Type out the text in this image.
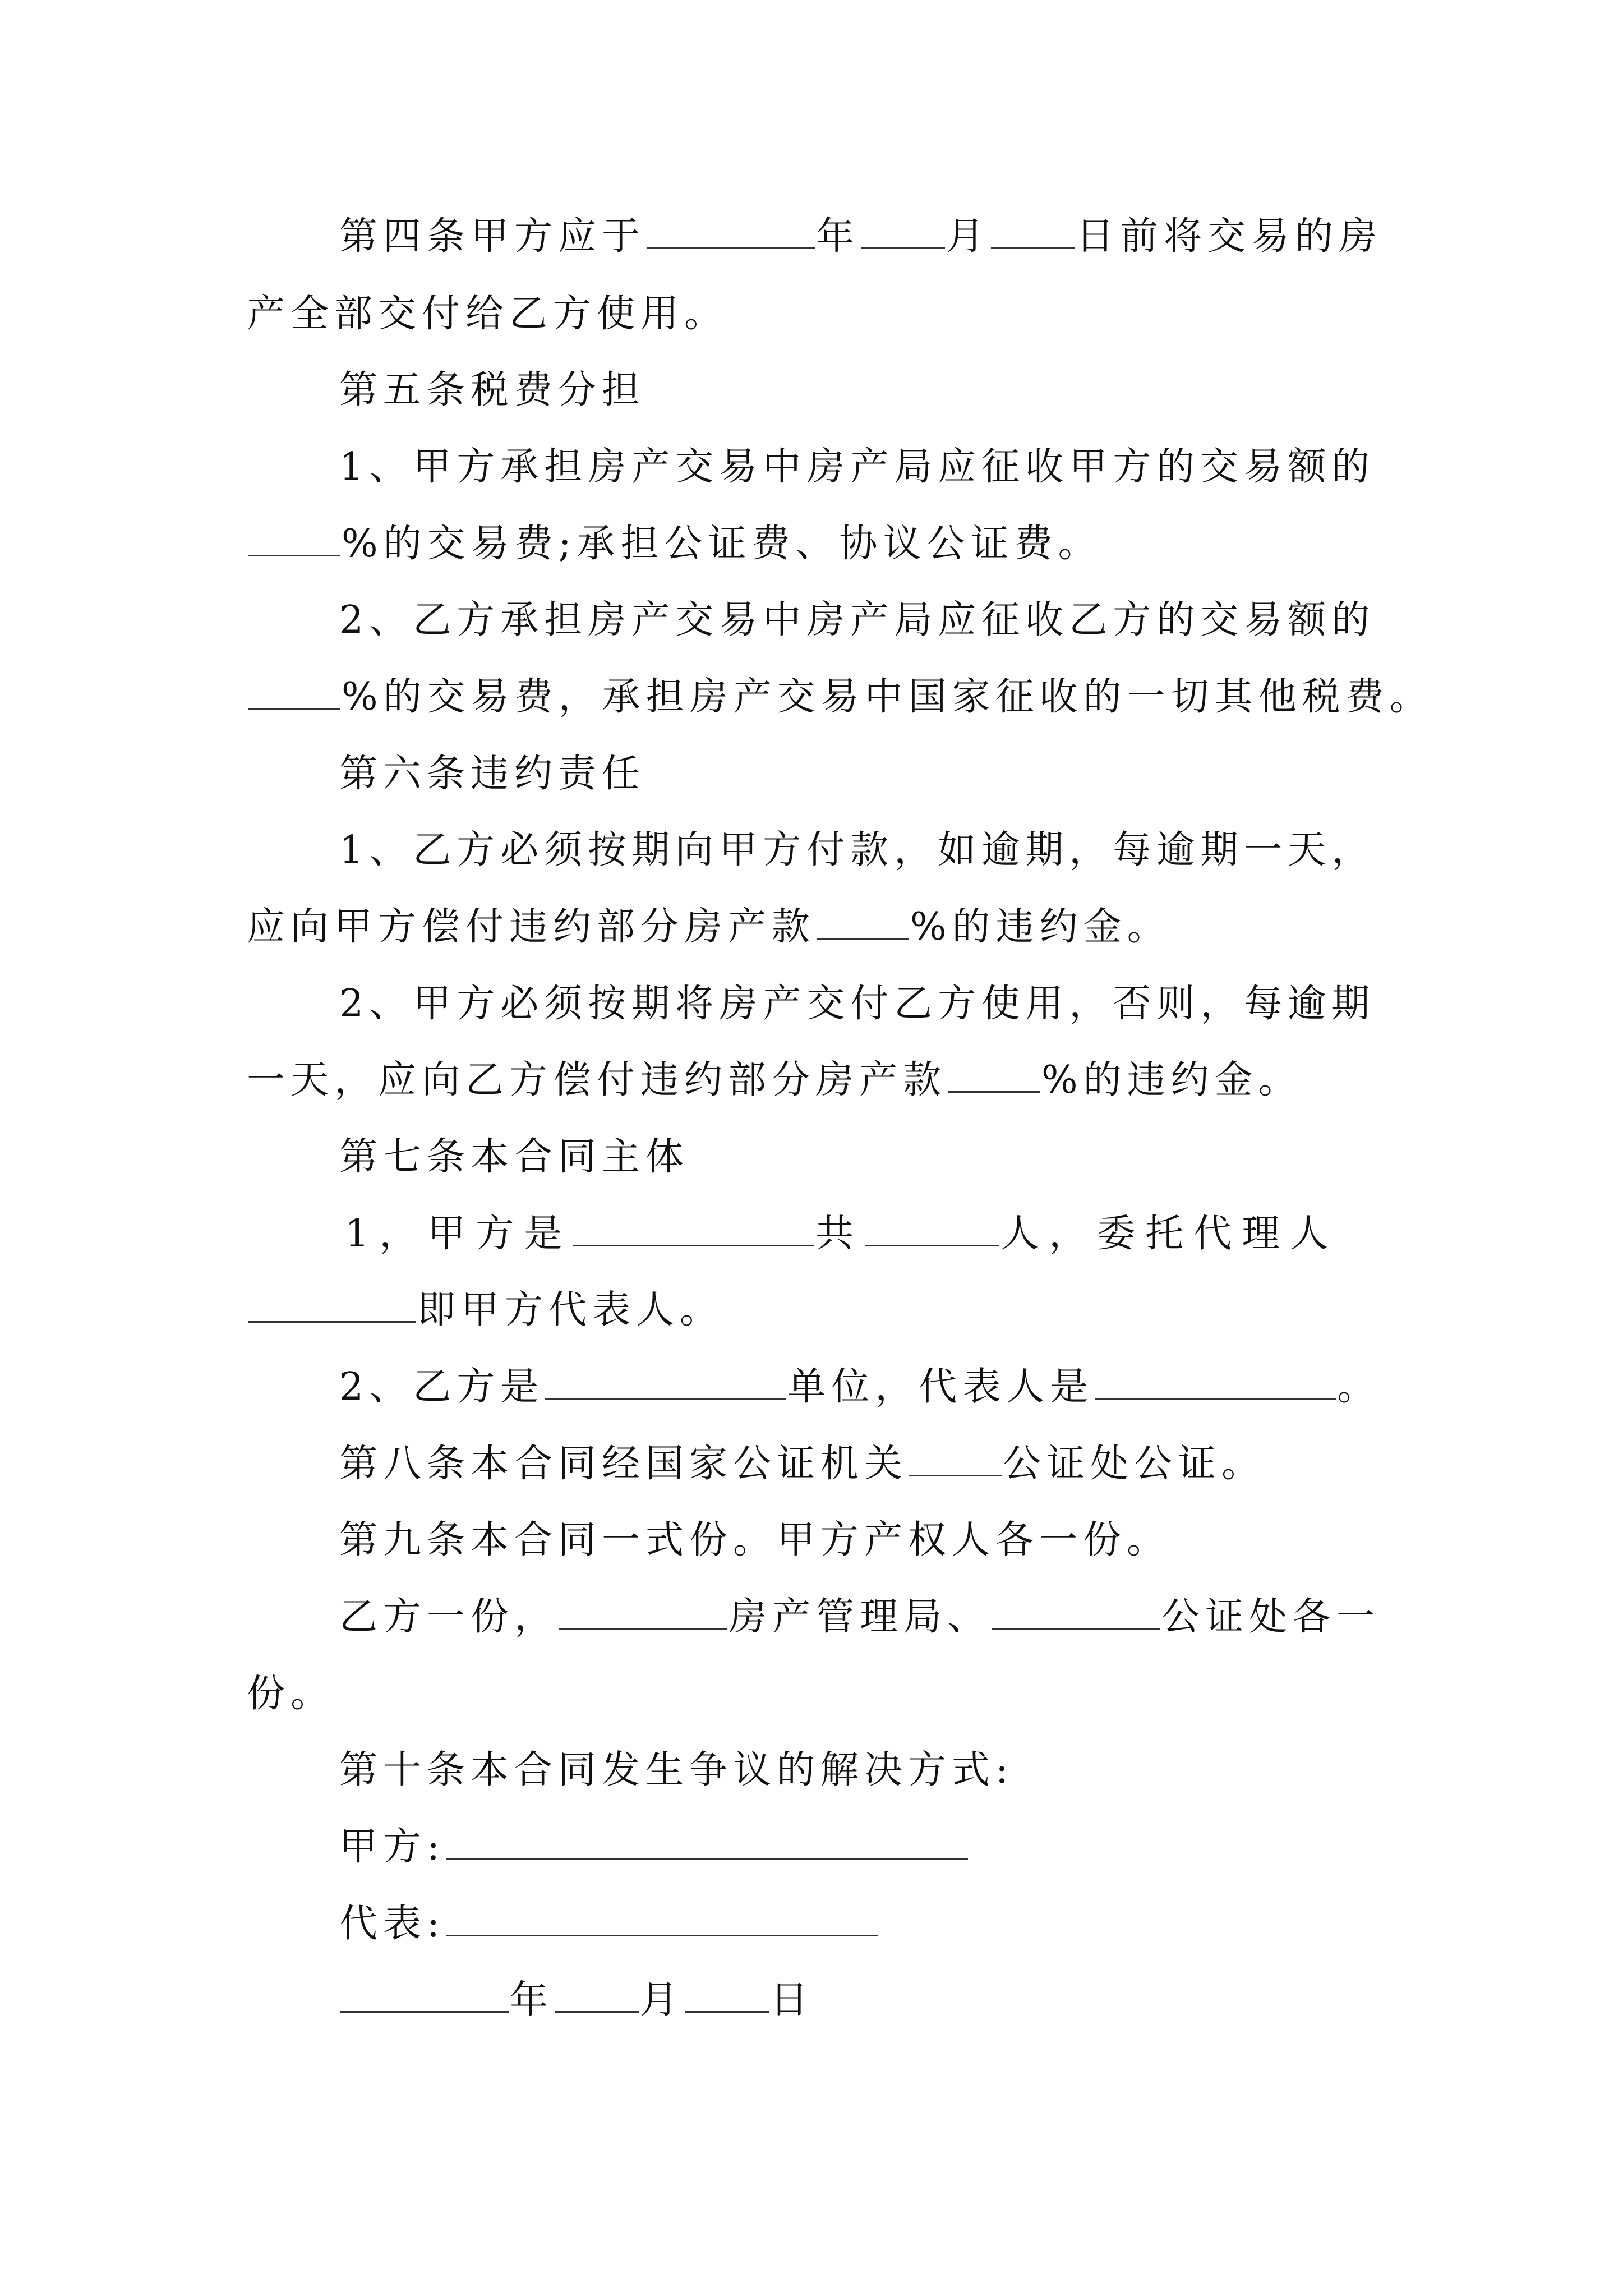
第四条甲方应于	年 月 日前将交易的房
产全部交付给乙方使用。
第五条税费分担
1、甲方承担房产交易中房产局应征收甲方的交易额的
%的交易费;承担公证费、协议公证费。
2、乙方承担房产交易中房产局应征收乙方的交易额的
%的交易费，承担房产交易中国家征收的一切其他税费。
第六条违约责任
1、乙方必须按期向甲方付款，如逾期，每逾期一天，
应向甲方偿付违约部分房产款 %的违约金。
2、甲方必须按期将房产交付乙方使用，否则，每逾期
一天，应向乙方偿付违约部分房产款 %的违约金。
第七条本合同主体
1，甲方是	共	人，委托代理人
即甲方代表人。
2、乙方是	单位，代表人是	。
第八条本合同经国家公证机关 公证处公证。
第九条本合同一式份。甲方产权人各一份。
乙方一份，	房产管理局、	公证处各一
份。
第十条本合同发生争议的解决方式:
甲方:
代表:
年 月 日
